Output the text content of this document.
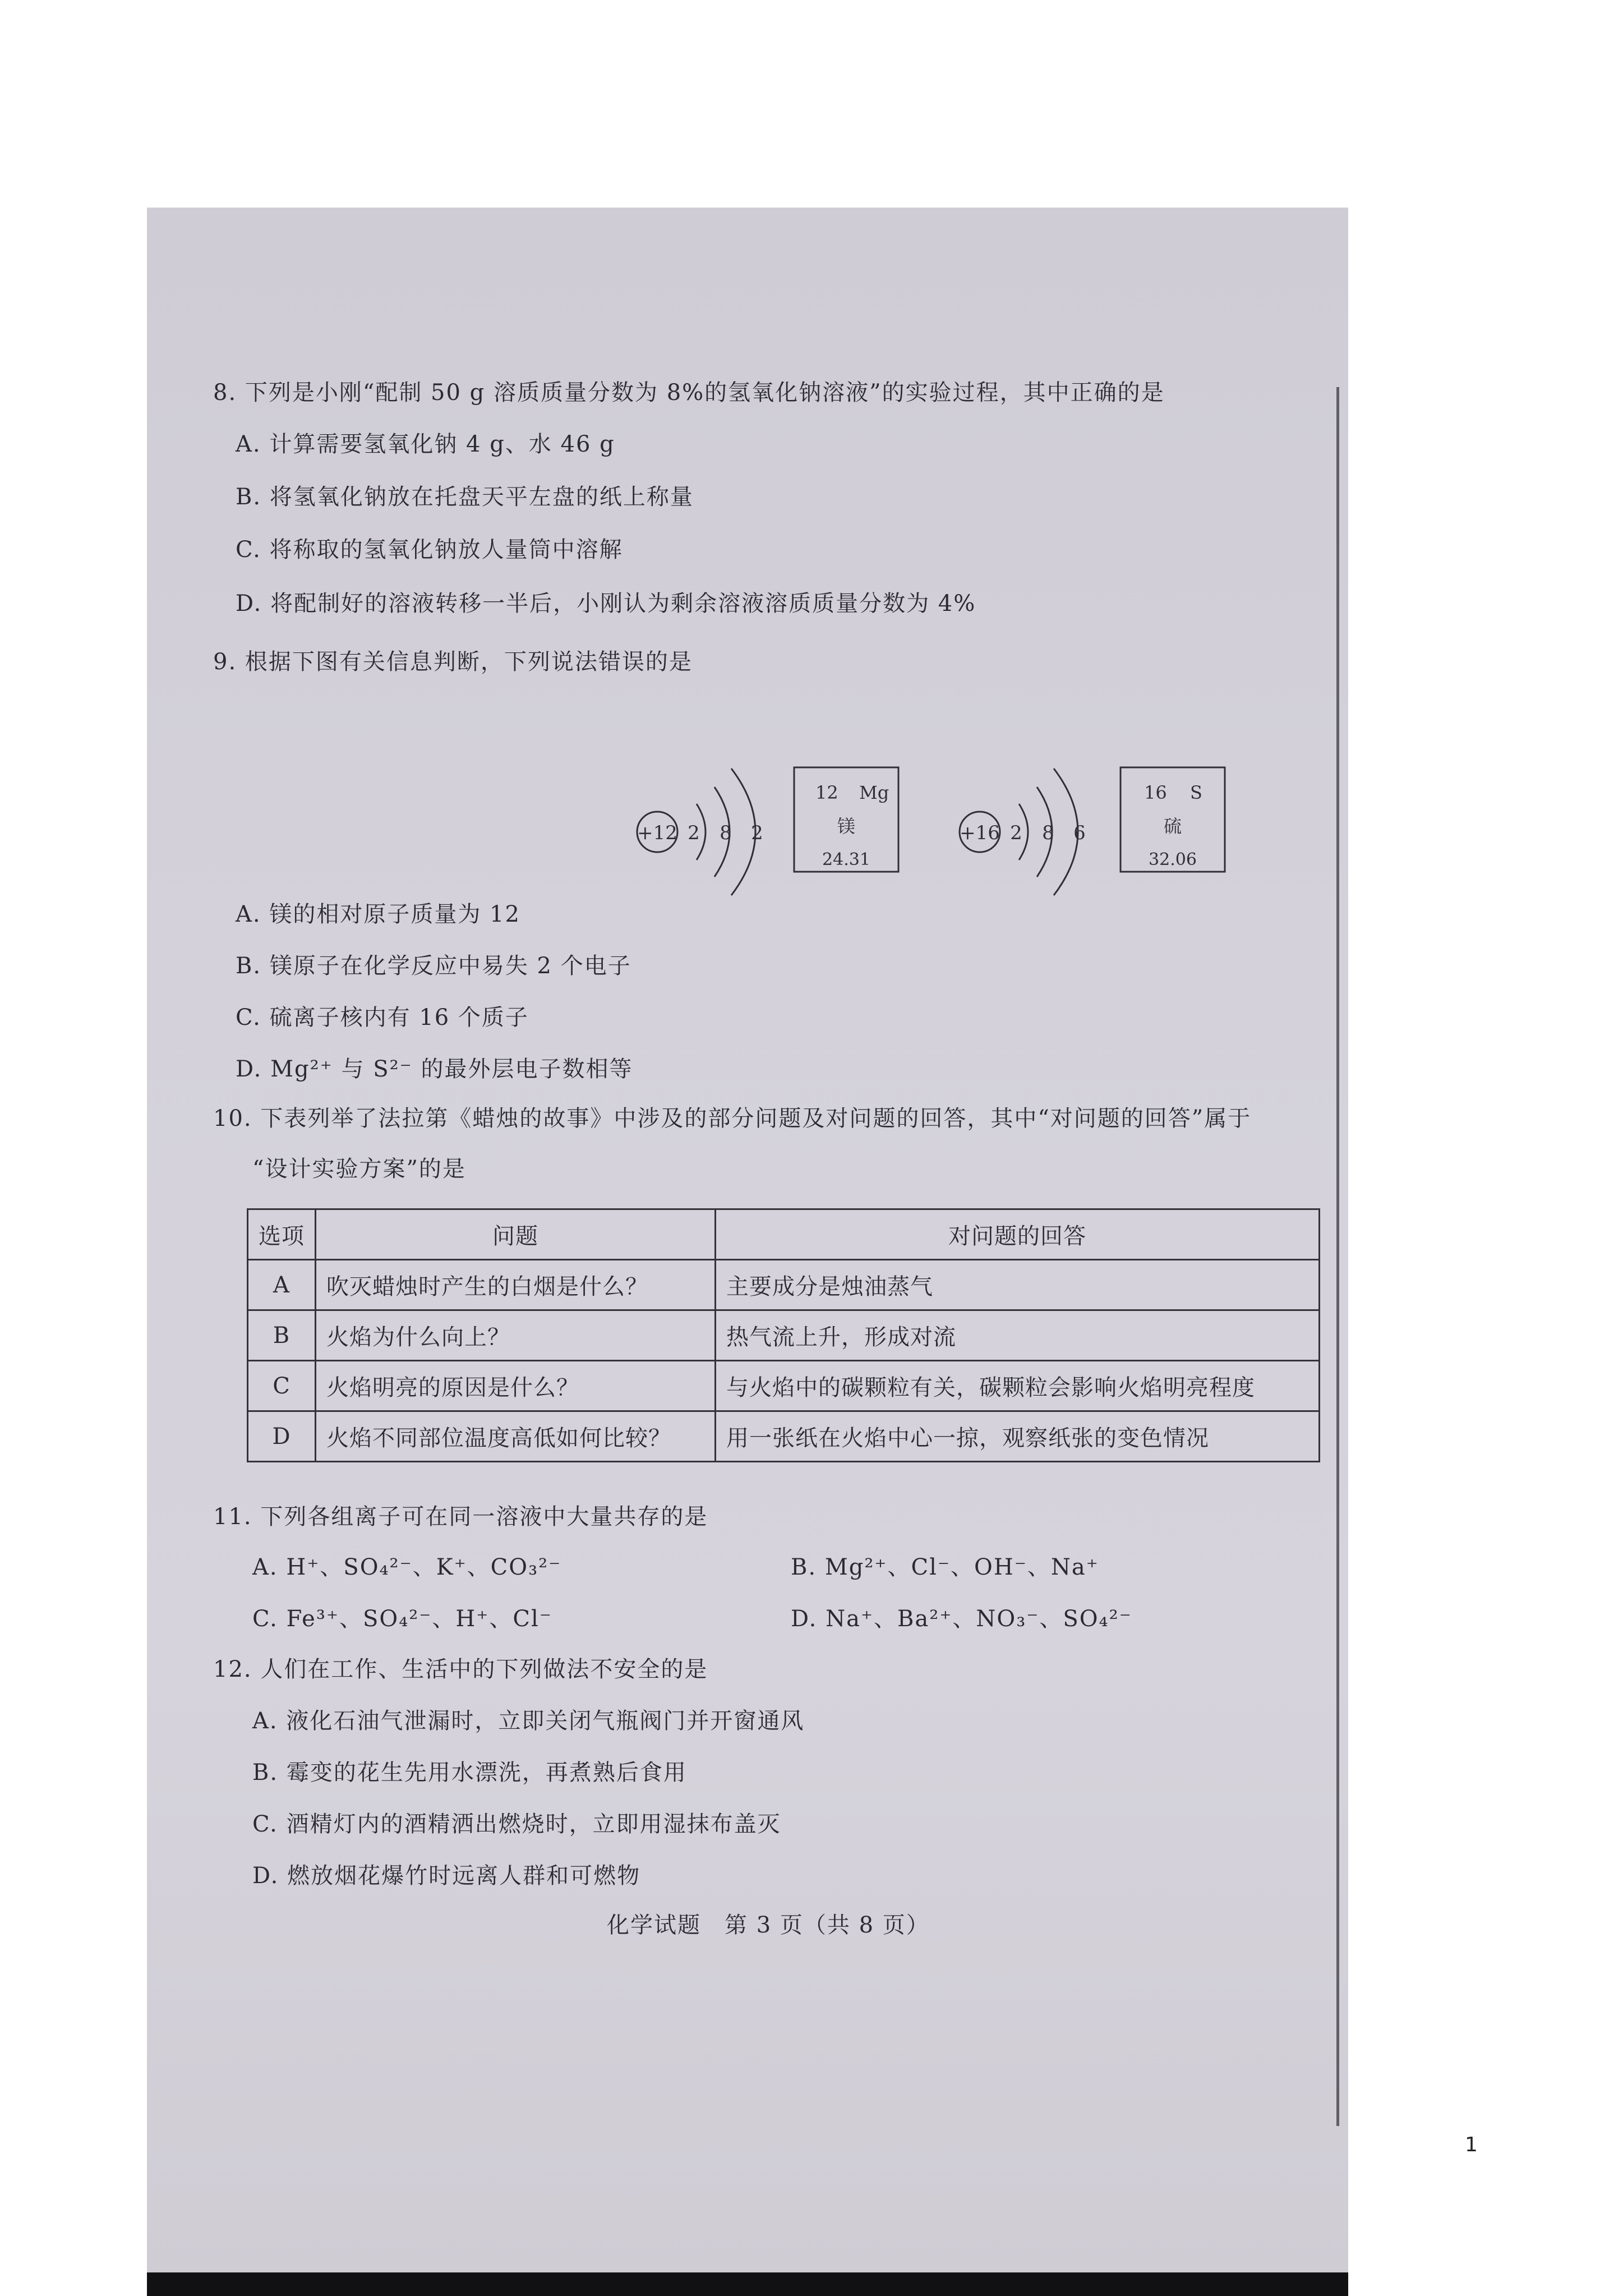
8. 下列是小刚“配制 50 g 溶质质量分数为 8%的氢氧化钠溶液”的实验过程，其中正确的是
A. 计算需要氢氧化钠 4 g、水 46 g
B. 将氢氧化钠放在托盘天平左盘的纸上称量
C. 将称取的氢氧化钠放人量筒中溶解
D. 将配制好的溶液转移一半后，小刚认为剩余溶液溶质质量分数为 4%
9. 根据下图有关信息判断，下列说法错误的是
+12 2 8 2
12 Mg
镁
24.31
+16 2 8 6
16 S
硫
32.06
A. 镁的相对原子质量为 12
B. 镁原子在化学反应中易失 2 个电子
C. 硫离子核内有 16 个质子
D. Mg²⁺ 与 S²⁻ 的最外层电子数相等
10. 下表列举了法拉第《蜡烛的故事》中涉及的部分问题及对问题的回答，其中“对问题的回答”属于
“设计实验方案”的是
选项	问题	对问题的回答
A	吹灭蜡烛时产生的白烟是什么？	主要成分是烛油蒸气
B	火焰为什么向上？	热气流上升，形成对流
C	火焰明亮的原因是什么？	与火焰中的碳颗粒有关，碳颗粒会影响火焰明亮程度
D	火焰不同部位温度高低如何比较？	用一张纸在火焰中心一掠，观察纸张的变色情况
11. 下列各组离子可在同一溶液中大量共存的是
A. H⁺、SO₄²⁻、K⁺、CO₃²⁻	B. Mg²⁺、Cl⁻、OH⁻、Na⁺
C. Fe³⁺、SO₄²⁻、H⁺、Cl⁻	D. Na⁺、Ba²⁺、NO₃⁻、SO₄²⁻
12. 人们在工作、生活中的下列做法不安全的是
A. 液化石油气泄漏时，立即关闭气瓶阀门并开窗通风
B. 霉变的花生先用水漂洗，再煮熟后食用
C. 酒精灯内的酒精洒出燃烧时，立即用湿抹布盖灭
D. 燃放烟花爆竹时远离人群和可燃物
化学试题　第 3 页（共 8 页）
1
